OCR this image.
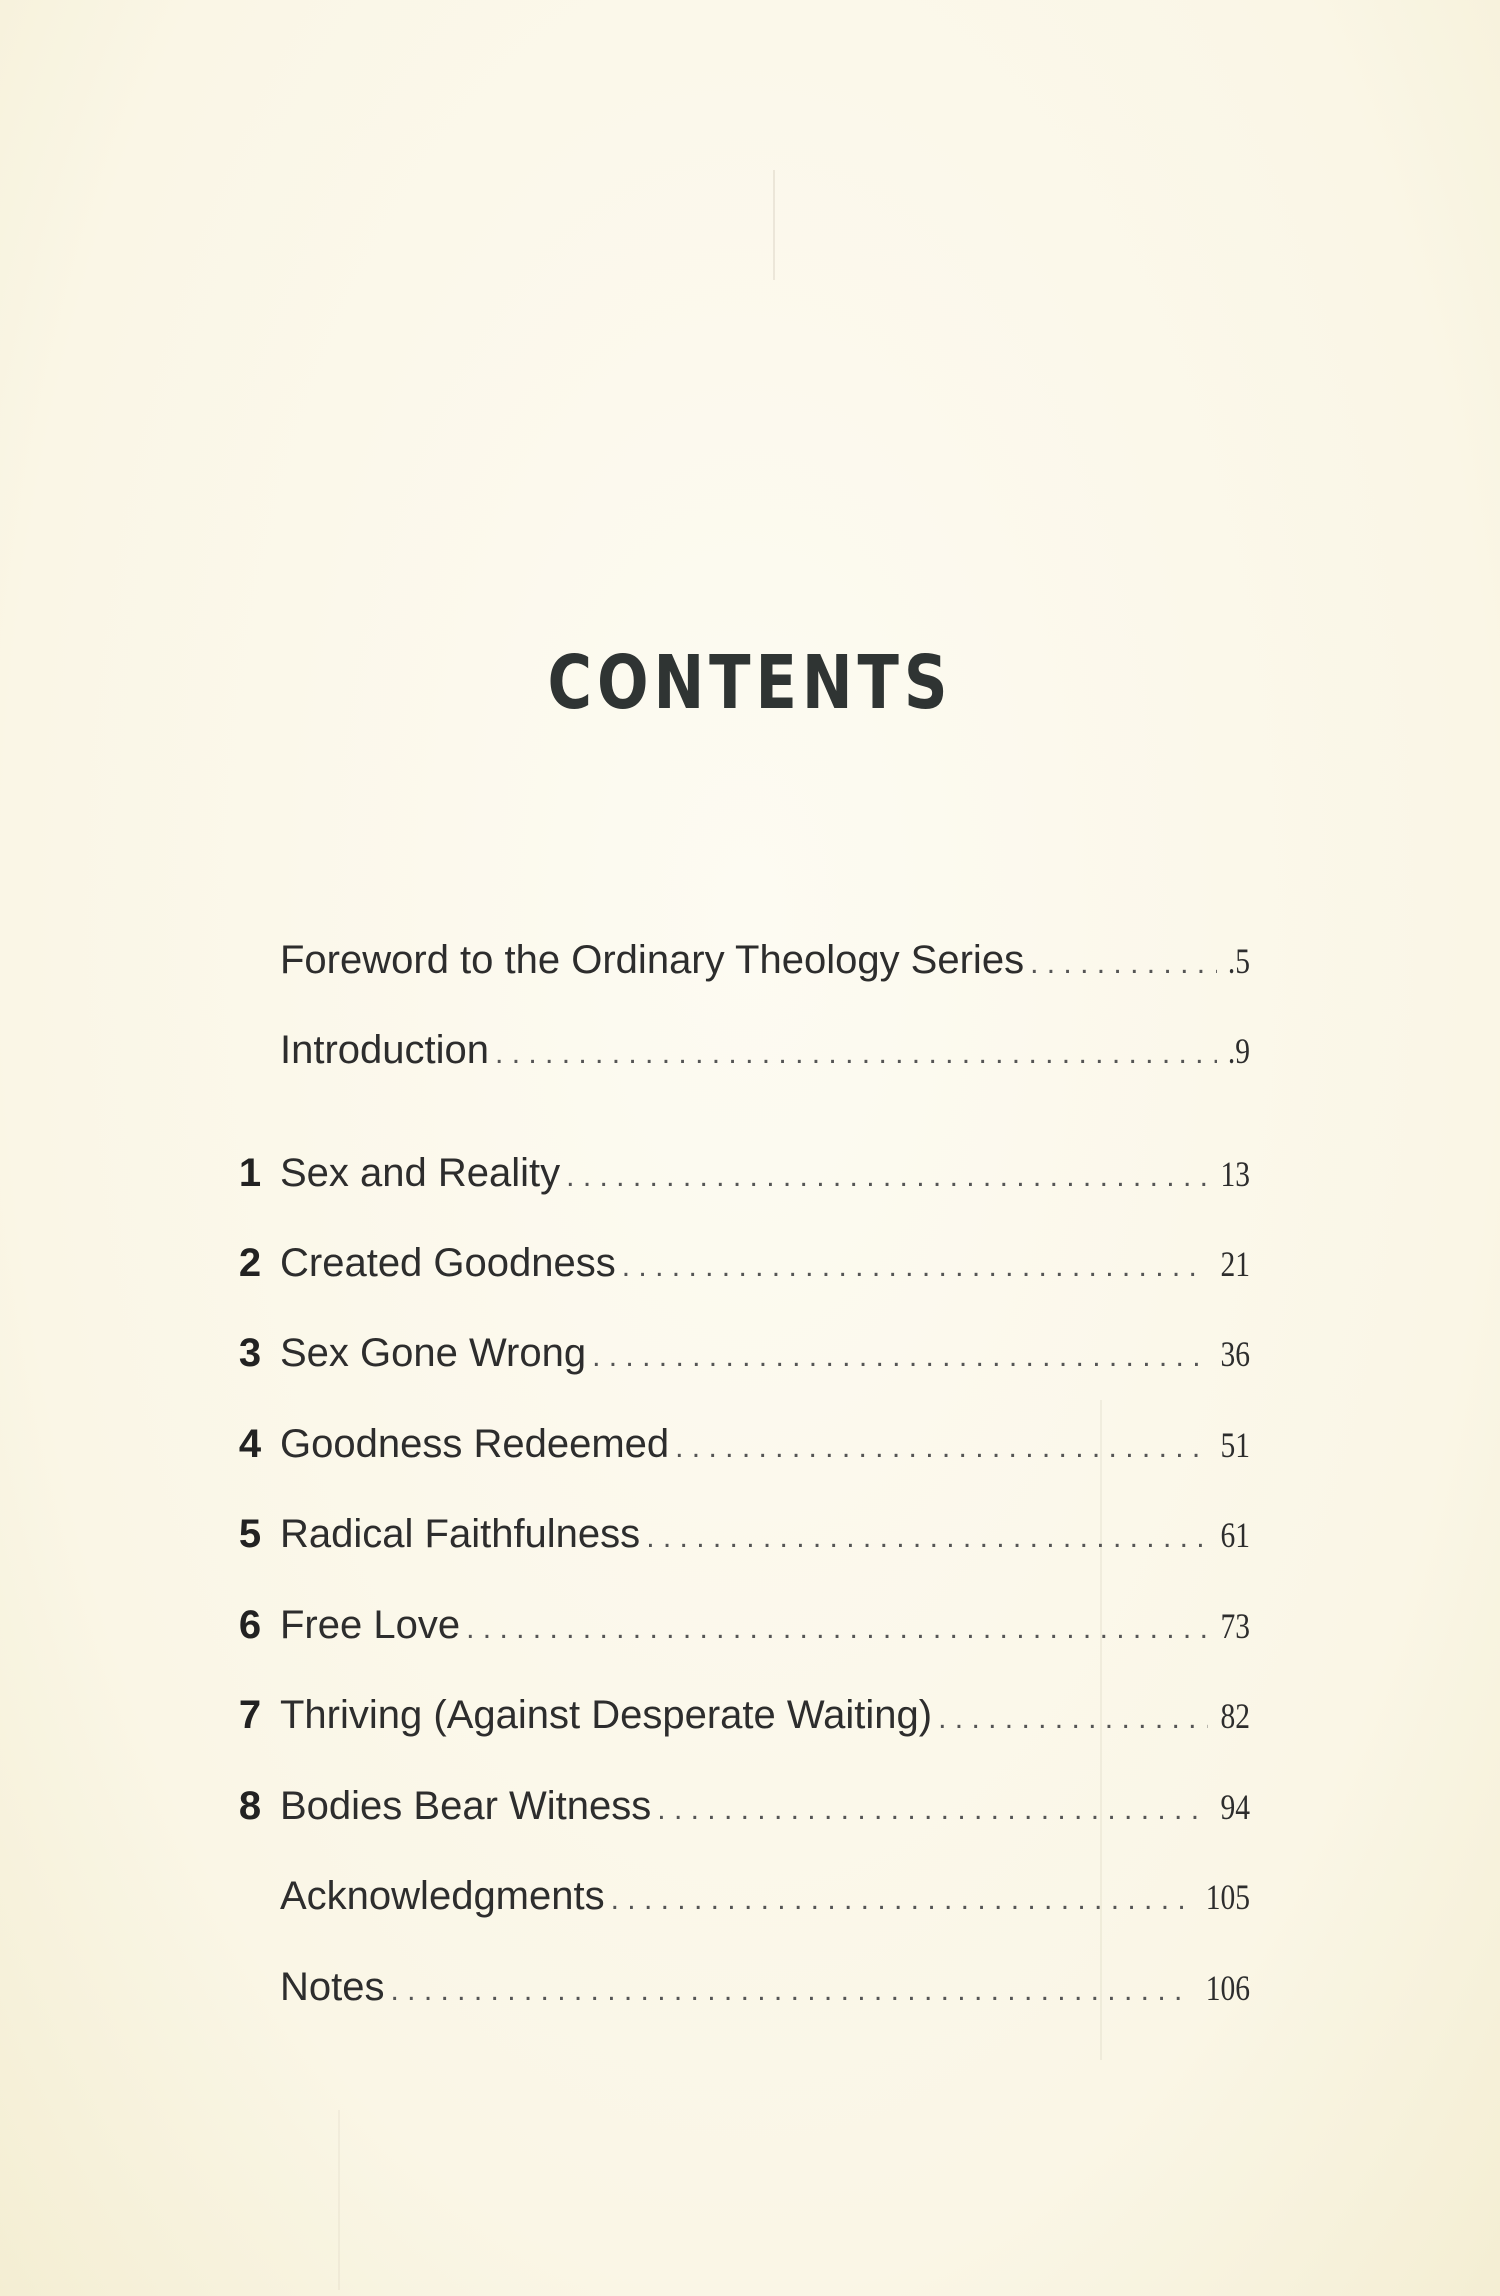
CONTENTS
Foreword to the Ordinary Theology Series . . .	.5
Introduction . . .	.9
1 Sex and Reality . . .	13
2 Created Goodness . . .	21
3 Sex Gone Wrong . . .	36
4 Goodness Redeemed . . .	51
5 Radical Faithfulness . . .	61
6 Free Love . . .	73
7 Thriving (Against Desperate Waiting) . . .	82
8 Bodies Bear Witness . . .	94
Acknowledgments . . .	105
Notes . . .	106
